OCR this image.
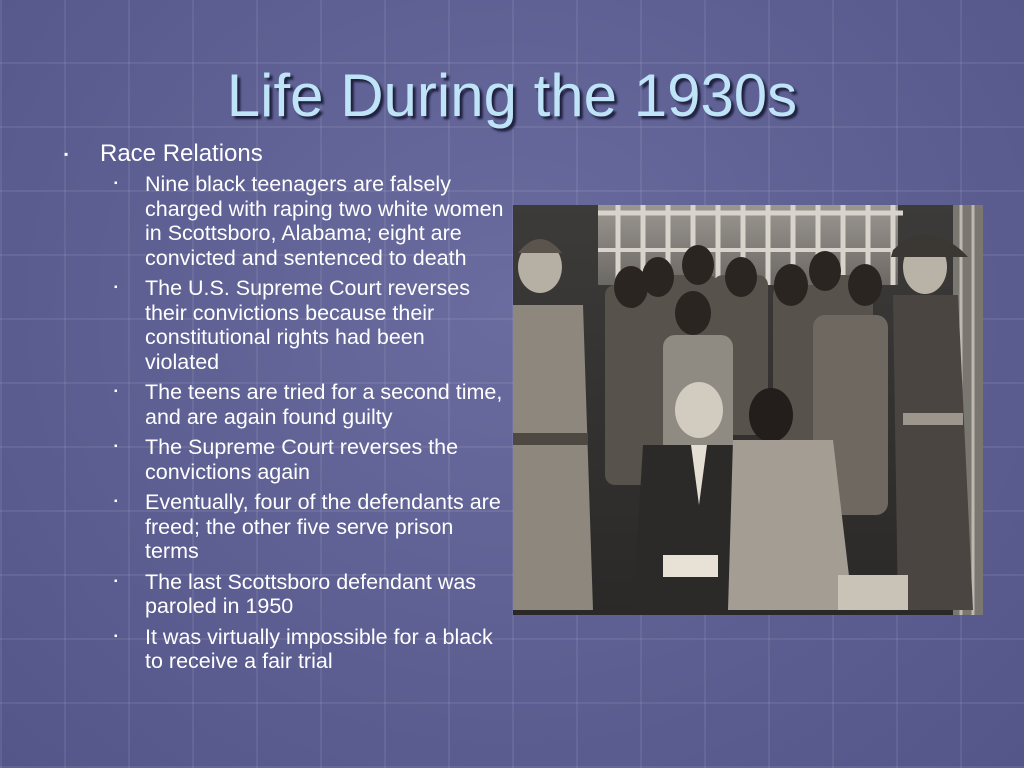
Life During the 1930s
▪	Race Relations
▪	Nine black teenagers are falsely charged with raping two white women in Scottsboro, Alabama; eight are convicted and sentenced to death
▪	The U.S. Supreme Court reverses their convictions because their constitutional rights had been violated
▪	The teens are tried for a second time, and are again found guilty
▪	The Supreme Court reverses the convictions again
▪	Eventually, four of the defendants are freed; the other five serve prison terms
▪	The last Scottsboro defendant was paroled in 1950
▪	It was virtually impossible for a black to receive a fair trial
